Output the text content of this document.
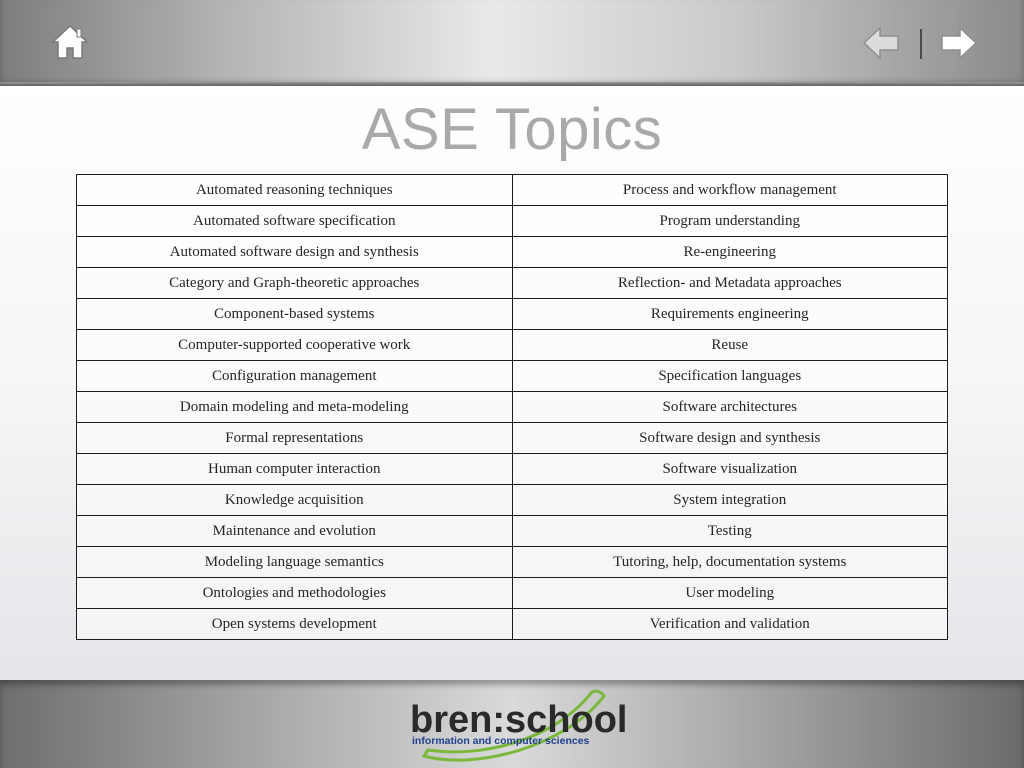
ASE Topics
Automated reasoning techniques	Process and workflow management
Automated software specification	Program understanding
Automated software design and synthesis	Re-engineering
Category and Graph-theoretic approaches	Reflection- and Metadata approaches
Component-based systems	Requirements engineering
Computer-supported cooperative work	Reuse
Configuration management	Specification languages
Domain modeling and meta-modeling	Software architectures
Formal representations	Software design and synthesis
Human computer interaction	Software visualization
Knowledge acquisition	System integration
Maintenance and evolution	Testing
Modeling language semantics	Tutoring, help, documentation systems
Ontologies and methodologies	User modeling
Open systems development	Verification and validation
bren:school
information and computer sciences
